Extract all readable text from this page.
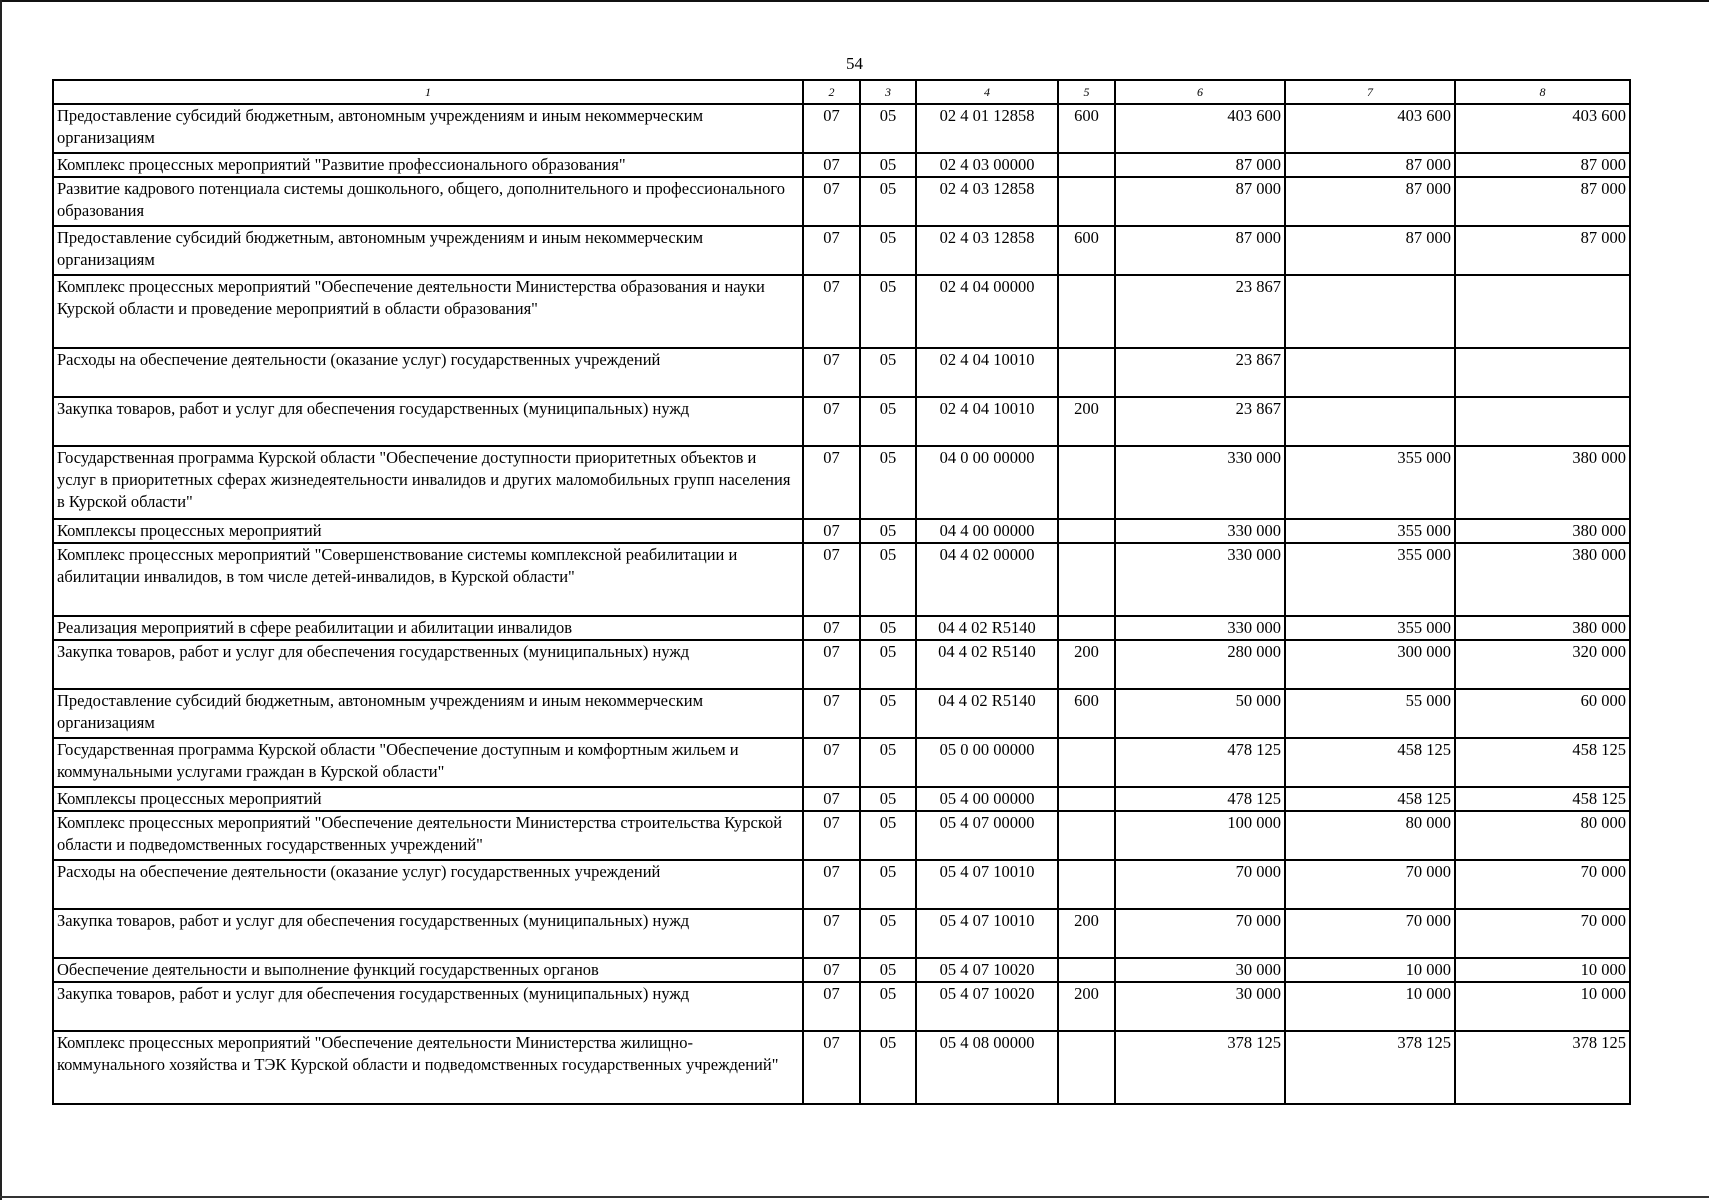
54
1	2	3	4	5	6	7	8
Предоставление субсидий бюджетным, автономным учреждениям и иным некоммерческим организациям	07	05	02 4 01 12858	600	403 600	403 600	403 600
Комплекс процессных мероприятий "Развитие профессионального образования"	07	05	02 4 03 00000		87 000	87 000	87 000
Развитие кадрового потенциала системы дошкольного, общего, дополнительного и профессионального образования	07	05	02 4 03 12858		87 000	87 000	87 000
Предоставление субсидий бюджетным, автономным учреждениям и иным некоммерческим организациям	07	05	02 4 03 12858	600	87 000	87 000	87 000
Комплекс процессных мероприятий "Обеспечение деятельности Министерства образования и науки Курской области и проведение мероприятий в области образования"	07	05	02 4 04 00000		23 867		
Расходы на обеспечение деятельности (оказание услуг) государственных учреждений	07	05	02 4 04 10010		23 867		
Закупка товаров, работ и услуг для обеспечения государственных (муниципальных) нужд	07	05	02 4 04 10010	200	23 867		
Государственная программа Курской области "Обеспечение доступности приоритетных объектов и услуг в приоритетных сферах жизнедеятельности инвалидов и других маломобильных групп населения в Курской области"	07	05	04 0 00 00000		330 000	355 000	380 000
Комплексы процессных мероприятий	07	05	04 4 00 00000		330 000	355 000	380 000
Комплекс процессных мероприятий "Совершенствование системы комплексной реабилитации и абилитации инвалидов, в том числе детей-инвалидов, в Курской области"	07	05	04 4 02 00000		330 000	355 000	380 000
Реализация мероприятий в сфере реабилитации и абилитации инвалидов	07	05	04 4 02 R5140		330 000	355 000	380 000
Закупка товаров, работ и услуг для обеспечения государственных (муниципальных) нужд	07	05	04 4 02 R5140	200	280 000	300 000	320 000
Предоставление субсидий бюджетным, автономным учреждениям и иным некоммерческим организациям	07	05	04 4 02 R5140	600	50 000	55 000	60 000
Государственная программа Курской области "Обеспечение доступным и комфортным жильем и коммунальными услугами граждан в Курской области"	07	05	05 0 00 00000		478 125	458 125	458 125
Комплексы процессных мероприятий	07	05	05 4 00 00000		478 125	458 125	458 125
Комплекс процессных мероприятий "Обеспечение деятельности Министерства строительства Курской области и подведомственных государственных учреждений"	07	05	05 4 07 00000		100 000	80 000	80 000
Расходы на обеспечение деятельности (оказание услуг) государственных учреждений	07	05	05 4 07 10010		70 000	70 000	70 000
Закупка товаров, работ и услуг для обеспечения государственных (муниципальных) нужд	07	05	05 4 07 10010	200	70 000	70 000	70 000
Обеспечение деятельности и выполнение функций государственных органов	07	05	05 4 07 10020		30 000	10 000	10 000
Закупка товаров, работ и услуг для обеспечения государственных (муниципальных) нужд	07	05	05 4 07 10020	200	30 000	10 000	10 000
Комплекс процессных мероприятий "Обеспечение деятельности Министерства жилищно-коммунального хозяйства и ТЭК Курской области и подведомственных государственных учреждений"	07	05	05 4 08 00000		378 125	378 125	378 125
